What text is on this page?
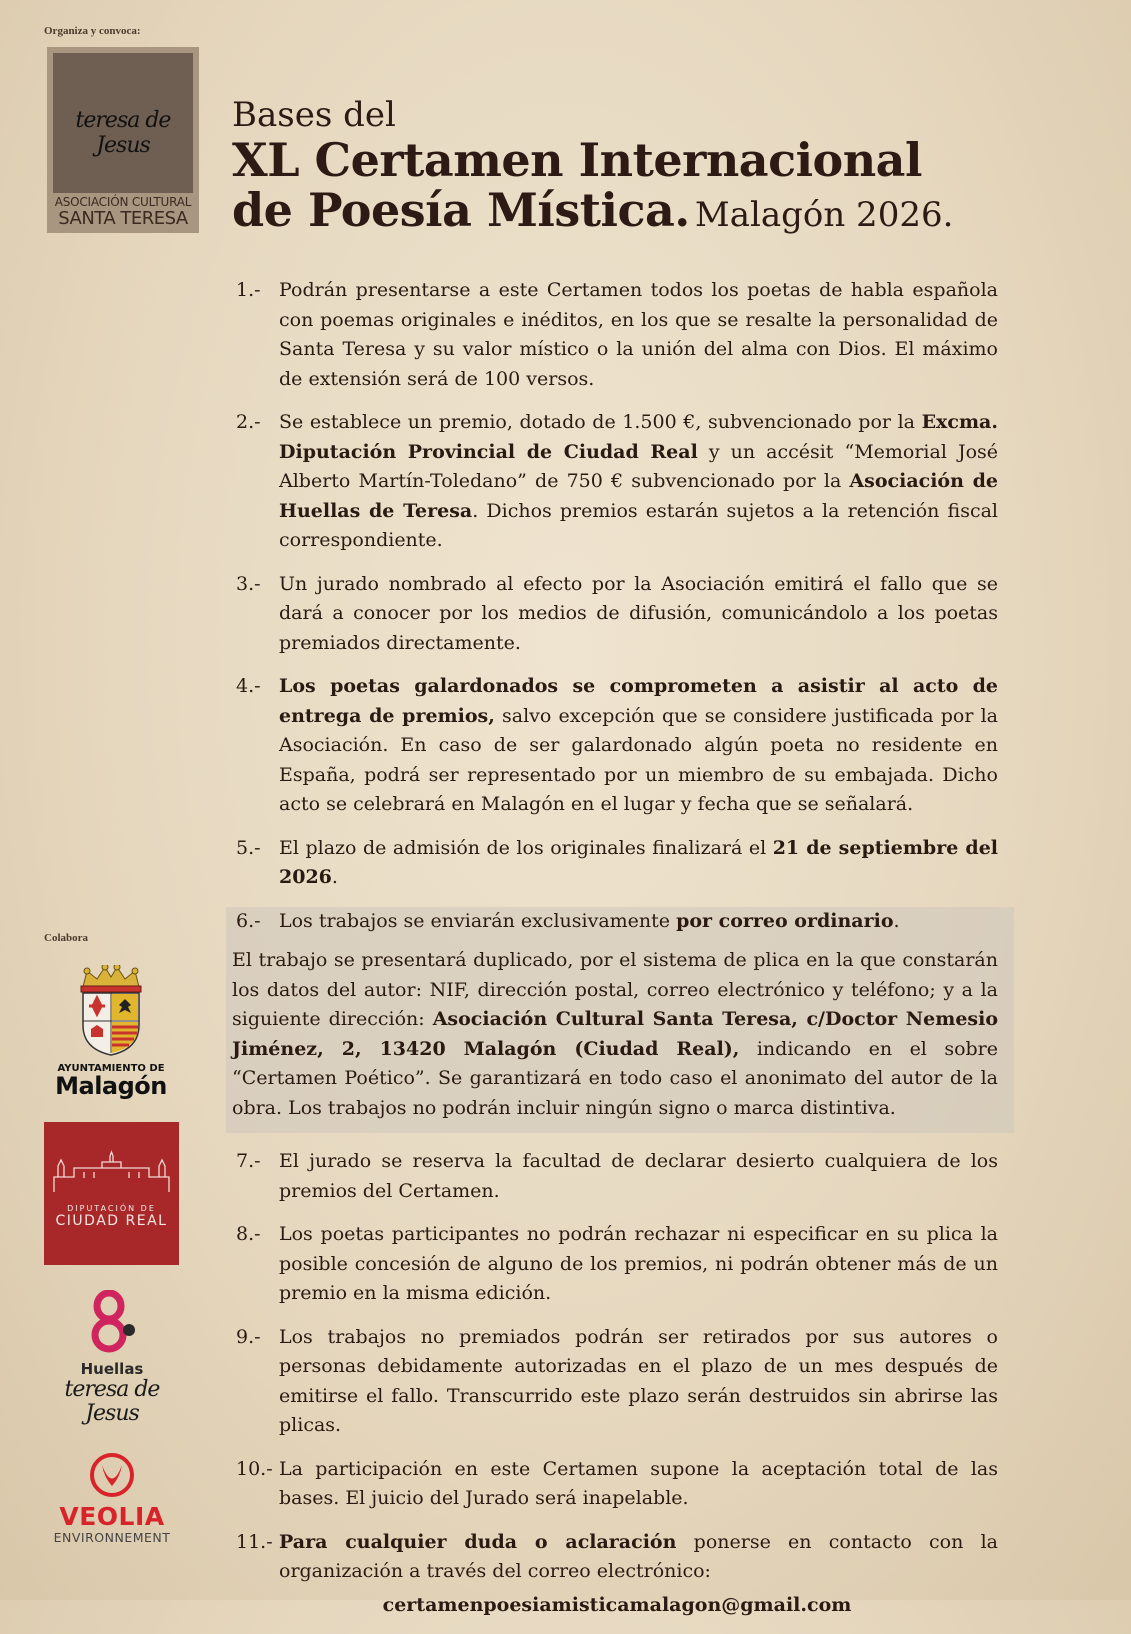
Organiza y convoca:
teresa de Jesus
ASOCIACIÓN CULTURAL
SANTA TERESA
Bases del
XL Certamen Internacional
de Poesía Mística. Malagón 2026.
1.- Podrán presentarse a este Certamen todos los poetas de habla española con poemas originales e inéditos, en los que se resalte la personalidad de Santa Teresa y su valor místico o la unión del alma con Dios. El máximo de extensión será de 100 versos.

2.- Se establece un premio, dotado de 1.500 €, subvencionado por la Excma. Diputación Provincial de Ciudad Real y un accésit “Memorial José Alberto Martín-Toledano” de 750 € subvencionado por la Asociación de Huellas de Teresa. Dichos premios estarán sujetos a la retención fiscal correspondiente.

3.- Un jurado nombrado al efecto por la Asociación emitirá el fallo que se dará a conocer por los medios de difusión, comunicándolo a los poetas premiados directamente.

4.- Los poetas galardonados se comprometen a asistir al acto de entrega de premios, salvo excepción que se considere justificada por la Asociación. En caso de ser galardonado algún poeta no residente en España, podrá ser representado por un miembro de su embajada. Dicho acto se celebrará en Malagón en el lugar y fecha que se señalará.

5.- El plazo de admisión de los originales finalizará el 21 de septiembre del 2026.

6.- Los trabajos se enviarán exclusivamente por correo ordinario.

El trabajo se presentará duplicado, por el sistema de plica en la que constarán los datos del autor: NIF, dirección postal, correo electrónico y teléfono; y a la siguiente dirección: Asociación Cultural Santa Teresa, c/Doctor Nemesio Jiménez, 2, 13420 Malagón (Ciudad Real), indicando en el sobre “Certamen Poético”. Se garantizará en todo caso el anonimato del autor de la obra. Los trabajos no podrán incluir ningún signo o marca distintiva.

7.- El jurado se reserva la facultad de declarar desierto cualquiera de los premios del Certamen.

8.- Los poetas participantes no podrán rechazar ni especificar en su plica la posible concesión de alguno de los premios, ni podrán obtener más de un premio en la misma edición.

9.- Los trabajos no premiados podrán ser retirados por sus autores o personas debidamente autorizadas en el plazo de un mes después de emitirse el fallo. Transcurrido este plazo serán destruidos sin abrirse las plicas.

10.- La participación en este Certamen supone la aceptación total de las bases. El juicio del Jurado será inapelable.

11.- Para cualquier duda o aclaración ponerse en contacto con la organización a través del correo electrónico:

certamenpoesiamisticamalagon@gmail.com
Colabora
AYUNTAMIENTO DE
Malagón
DIPUTACIÓN DE
CIUDAD REAL
Huellas
teresa de Jesus
VEOLIA
ENVIRONNEMENT
